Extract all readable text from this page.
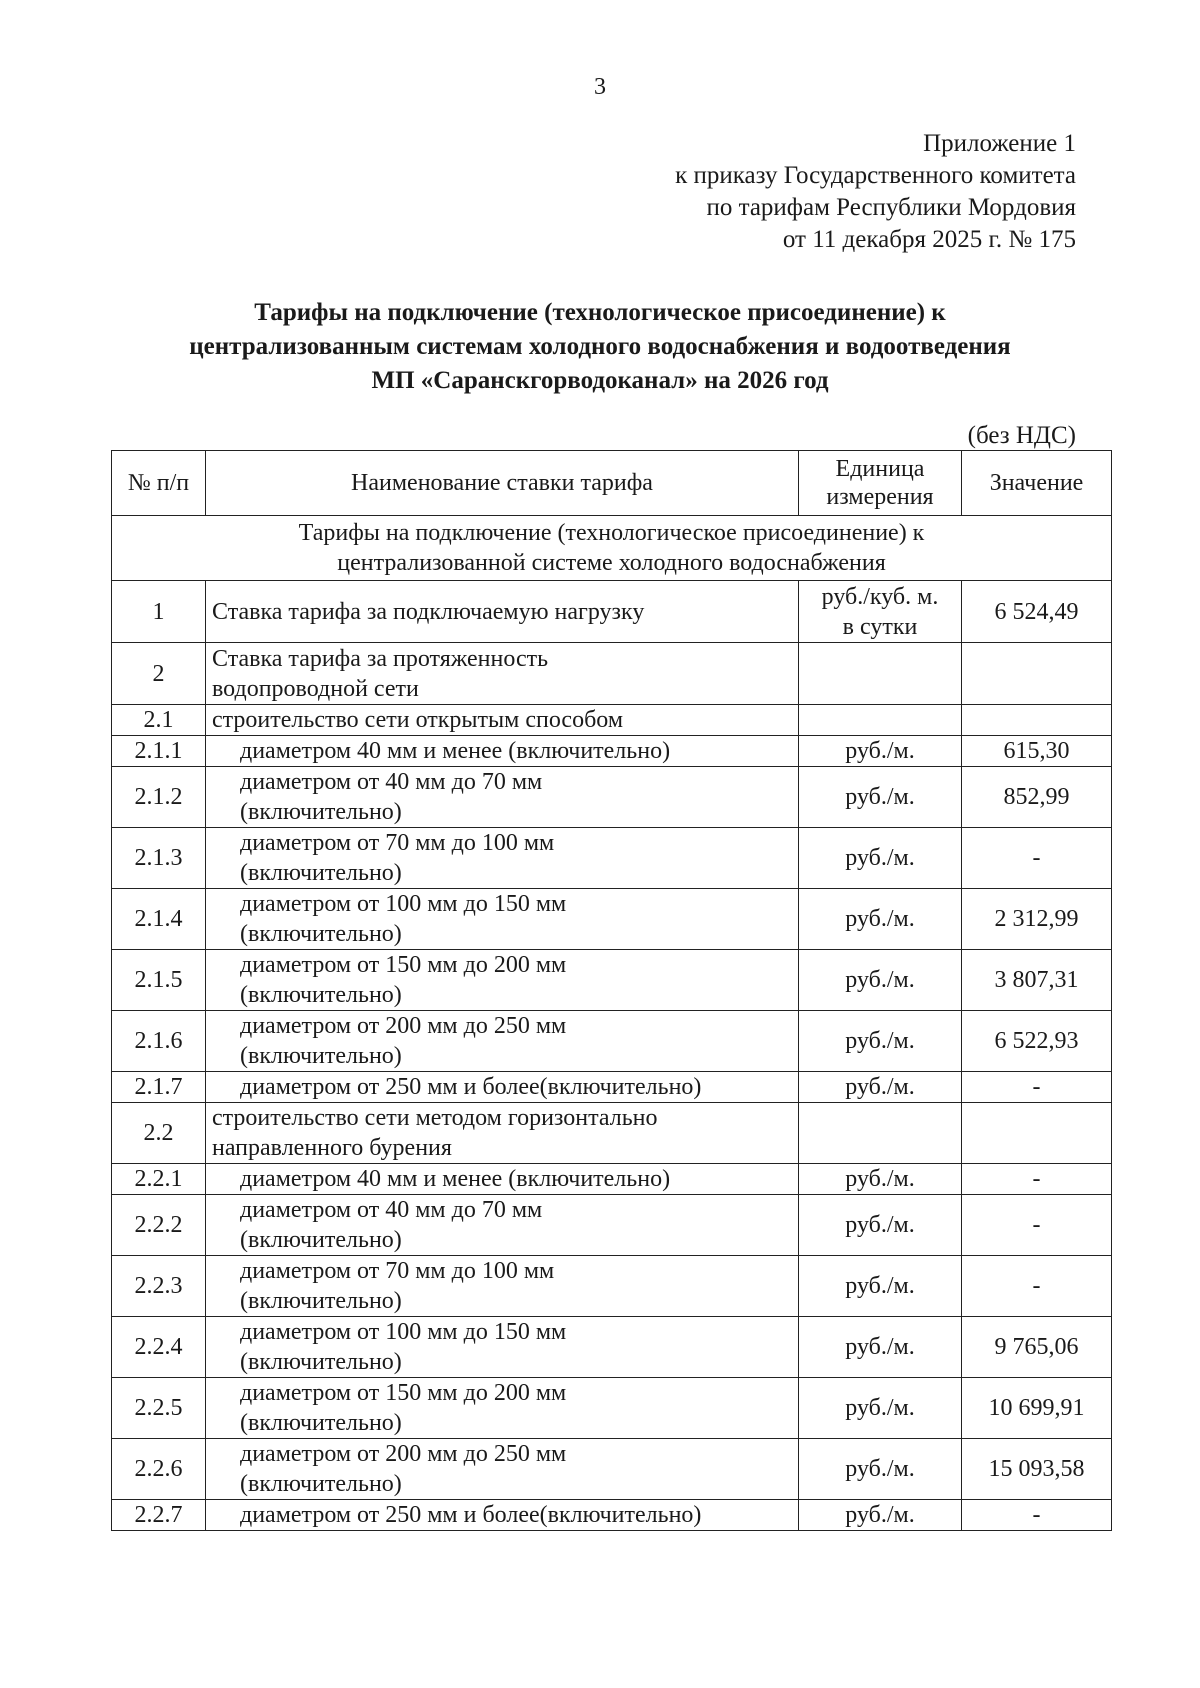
3
Приложение 1
к приказу Государственного комитета
по тарифам Республики Мордовия
от 11 декабря 2025 г. № 175
Тарифы на подключение (технологическое присоединение) к
централизованным системам холодного водоснабжения и водоотведения
МП «Саранскгорводоканал» на 2026 год
(без НДС)
№ п/п	Наименование ставки тарифа	Единица
измерения	Значение

Тарифы на подключение (технологическое присоединение) к
централизованной системе холодного водоснабжения			

1	Ставка тарифа за подключаемую нагрузку	руб./куб. м.
в сутки	6 524,49
2	Ставка тарифа за протяженность
водопроводной сети		

2.1	строительство сети открытым способом		

2.1.1	диаметром 40 мм и менее (включительно)	руб./м.	615,30
2.1.2	диаметром от 40 мм до 70 мм
(включительно)	руб./м.	852,99
2.1.3	диаметром от 70 мм до 100 мм
(включительно)	руб./м.	-
2.1.4	диаметром от 100 мм до 150 мм
(включительно)	руб./м.	2 312,99
2.1.5	диаметром от 150 мм до 200 мм
(включительно)	руб./м.	3 807,31
2.1.6	диаметром от 200 мм до 250 мм
(включительно)	руб./м.	6 522,93
2.1.7	диаметром от 250 мм и более(включительно)	руб./м.	-
2.2	строительство сети методом горизонтально
направленного бурения		

2.2.1	диаметром 40 мм и менее (включительно)	руб./м.	-
2.2.2	диаметром от 40 мм до 70 мм
(включительно)	руб./м.	-
2.2.3	диаметром от 70 мм до 100 мм
(включительно)	руб./м.	-
2.2.4	диаметром от 100 мм до 150 мм
(включительно)	руб./м.	9 765,06
2.2.5	диаметром от 150 мм до 200 мм
(включительно)	руб./м.	10 699,91
2.2.6	диаметром от 200 мм до 250 мм
(включительно)	руб./м.	15 093,58
2.2.7	диаметром от 250 мм и более(включительно)	руб./м.	-
